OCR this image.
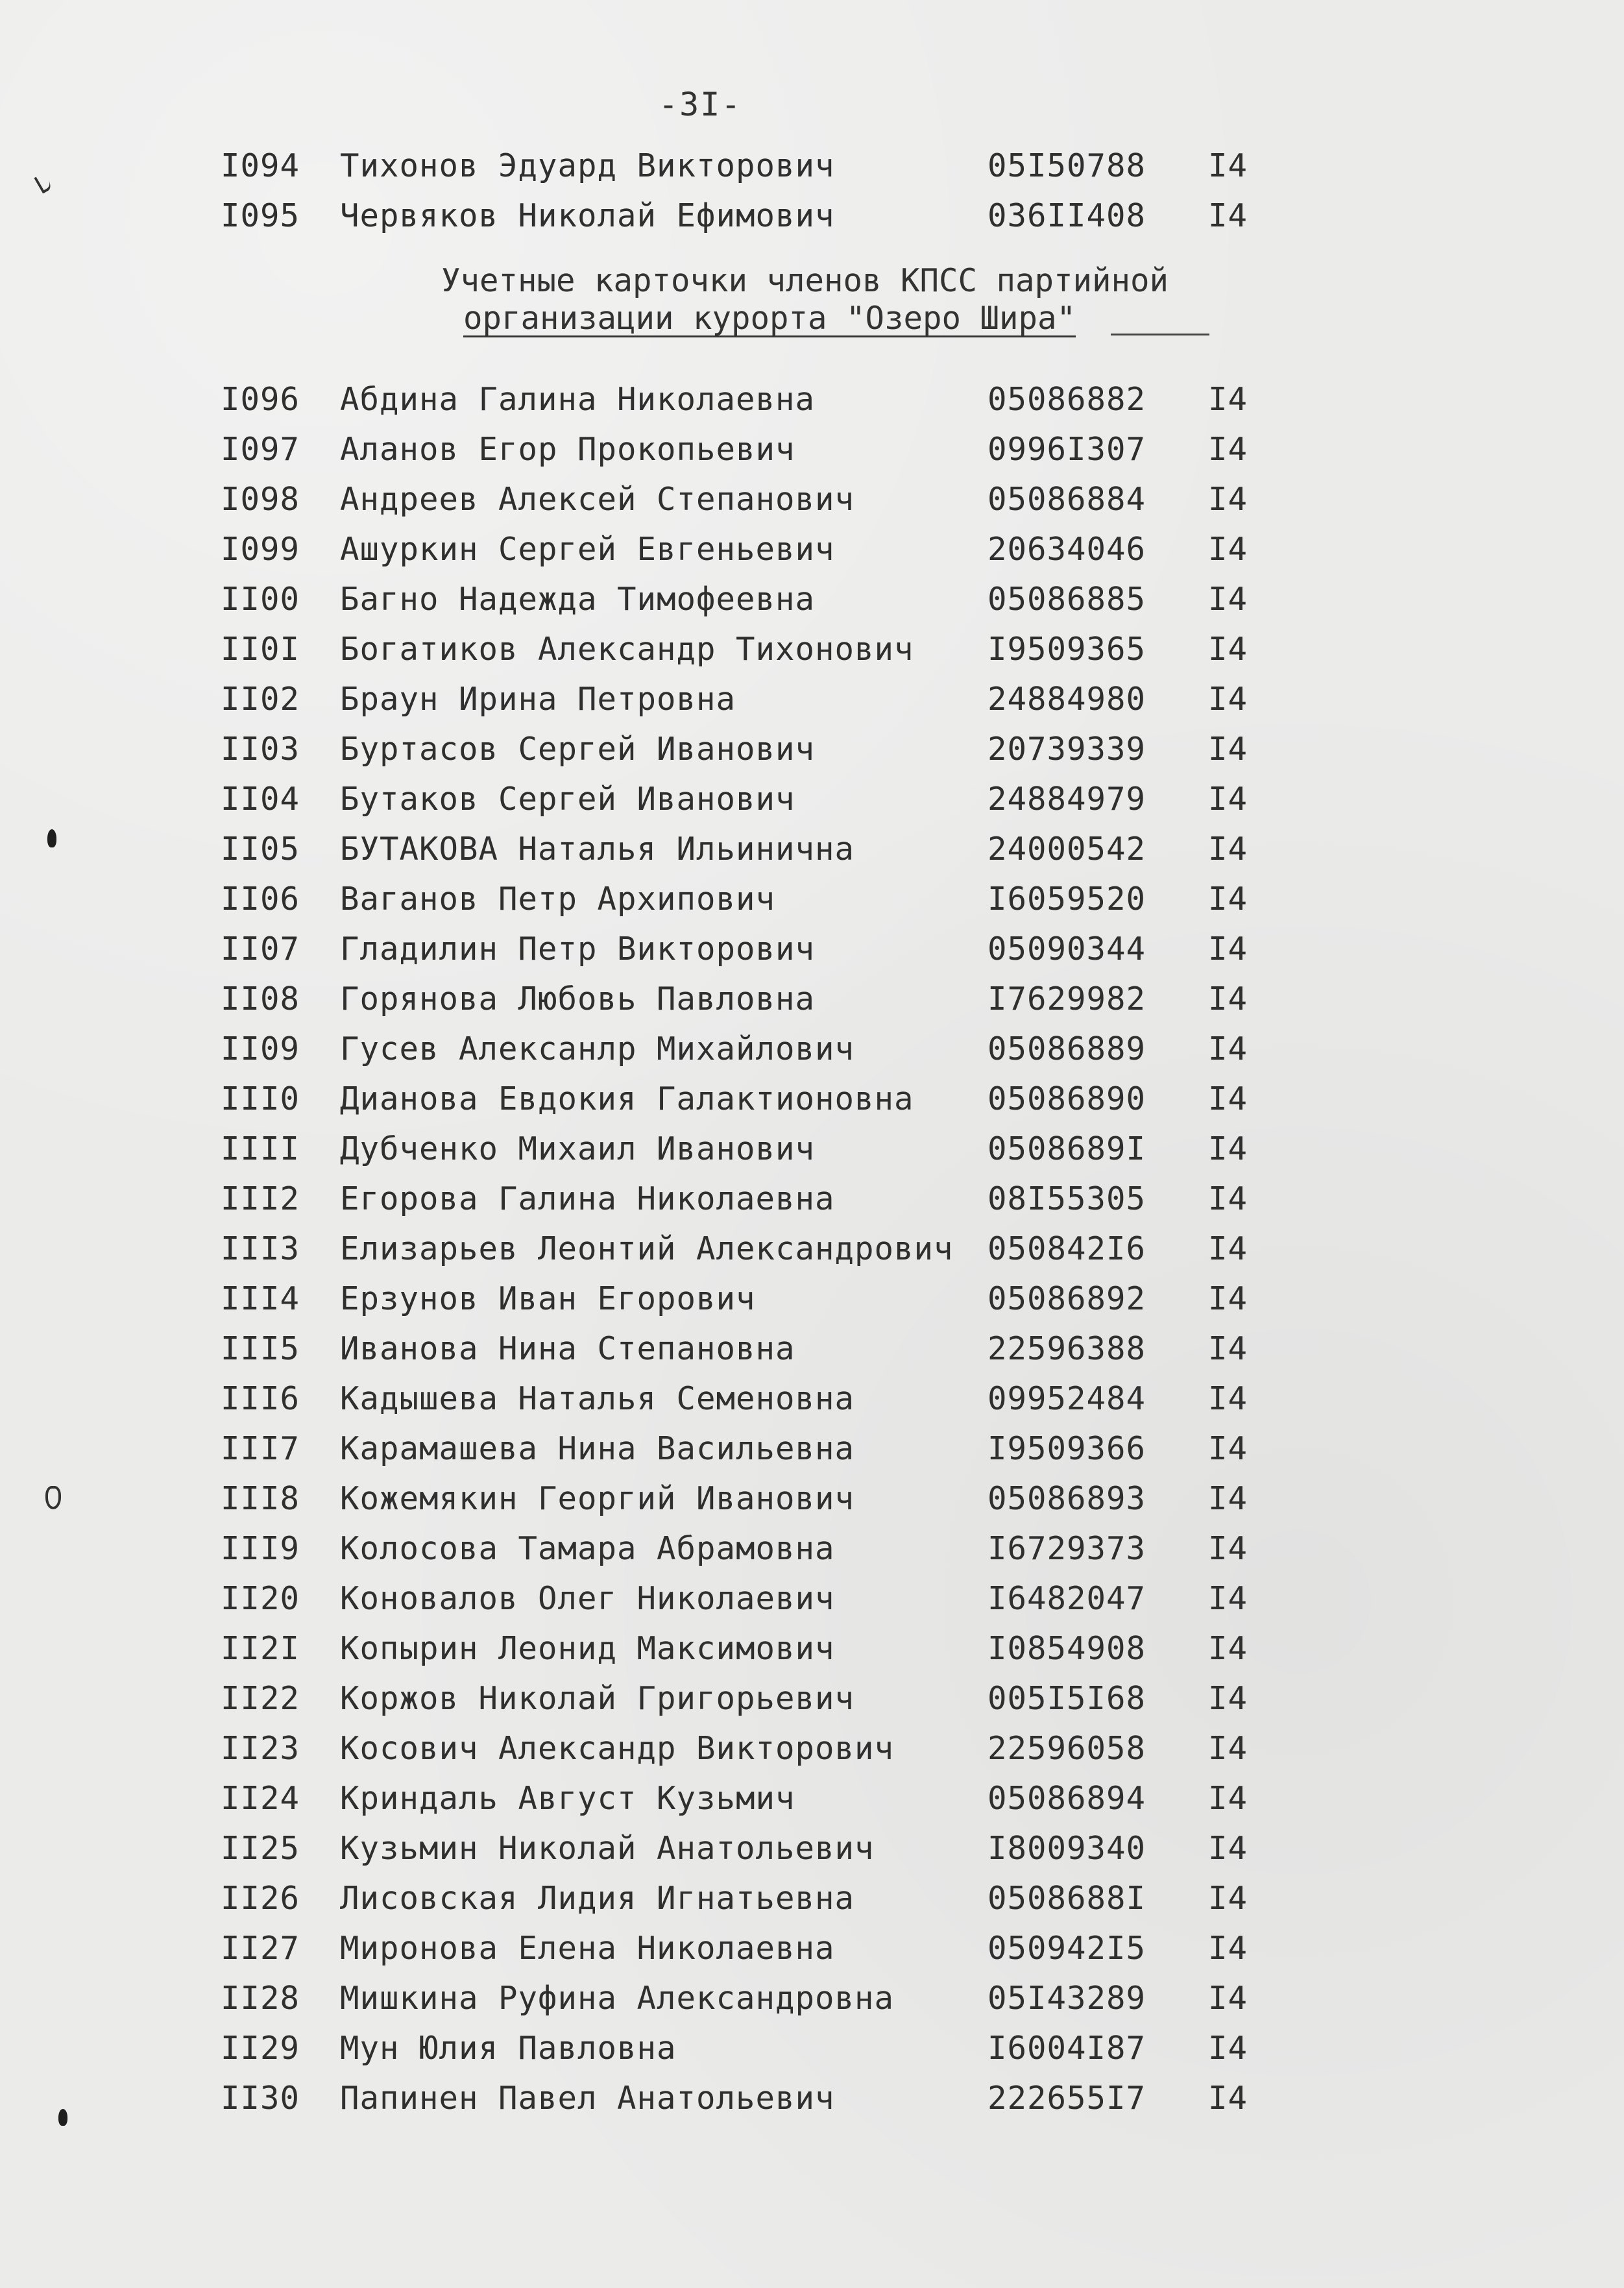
-3I-
I094 Тихонов Эдуард Викторович	05I50788 I4
I095 Червяков Николай Ефимович	036II408 I4
Учетные карточки членов КПСС партийной
организации курорта "Озеро Шира"
I096 Абдина Галина Николаевна	05086882 I4
I097 Аланов Егор Прокопьевич	0996I307 I4
I098 Андреев Алексей Степанович	05086884 I4
I099 Ашуркин Сергей Евгеньевич	20634046 I4
II00 Багно Надежда Тимофеевна	05086885 I4
II0I Богатиков Александр Тихонович I9509365 I4
II02 Браун Ирина Петровна	24884980 I4
II03 Буртасов Сергей Иванович	20739339 I4
II04 Бутаков Сергей Иванович	24884979 I4
II05 БУТАКОВА Наталья Ильинична	24000542 I4
II06 Ваганов Петр Архипович	I6059520 I4
II07 Гладилин Петр Викторович	05090344 I4
II08 Горянова Любовь Павловна	I7629982 I4
II09 Гусев Алексанлр Михайлович	05086889 I4
III0 Дианова Евдокия Галактионовна 05086890 I4
IIII Дубченко Михаил Иванович	0508689I I4
III2 Егорова Галина Николаевна	08I55305 I4
III3 Елизарьев Леонтий Александрович 050842I6 I4
III4 Ерзунов Иван Егорович	05086892 I4
III5 Иванова Нина Степановна	22596388 I4
III6 Кадышева Наталья Семеновна	09952484 I4
III7 Карамашева Нина Васильевна	I9509366 I4
III8 Кожемякин Георгий Иванович	05086893 I4
III9 Колосова Тамара Абрамовна	I6729373 I4
II20 Коновалов Олег Николаевич	I6482047 I4
II2I Копырин Леонид Максимович	I0854908 I4
II22 Коржов Николай Григорьевич	005I5I68 I4
II23 Косович Александр Викторович	22596058 I4
II24 Криндаль Август Кузьмич	05086894 I4
II25 Кузьмин Николай Анатольевич	I8009340 I4
II26 Лисовская Лидия Игнатьевна	0508688I I4
II27 Миронова Елена Николаевна	050942I5 I4
II28 Мишкина Руфина Александровна	05I43289 I4
II29 Мун Юлия Павловна	I6004I87 I4
II30 Папинен Павел Анатольевич	222655I7 I4
